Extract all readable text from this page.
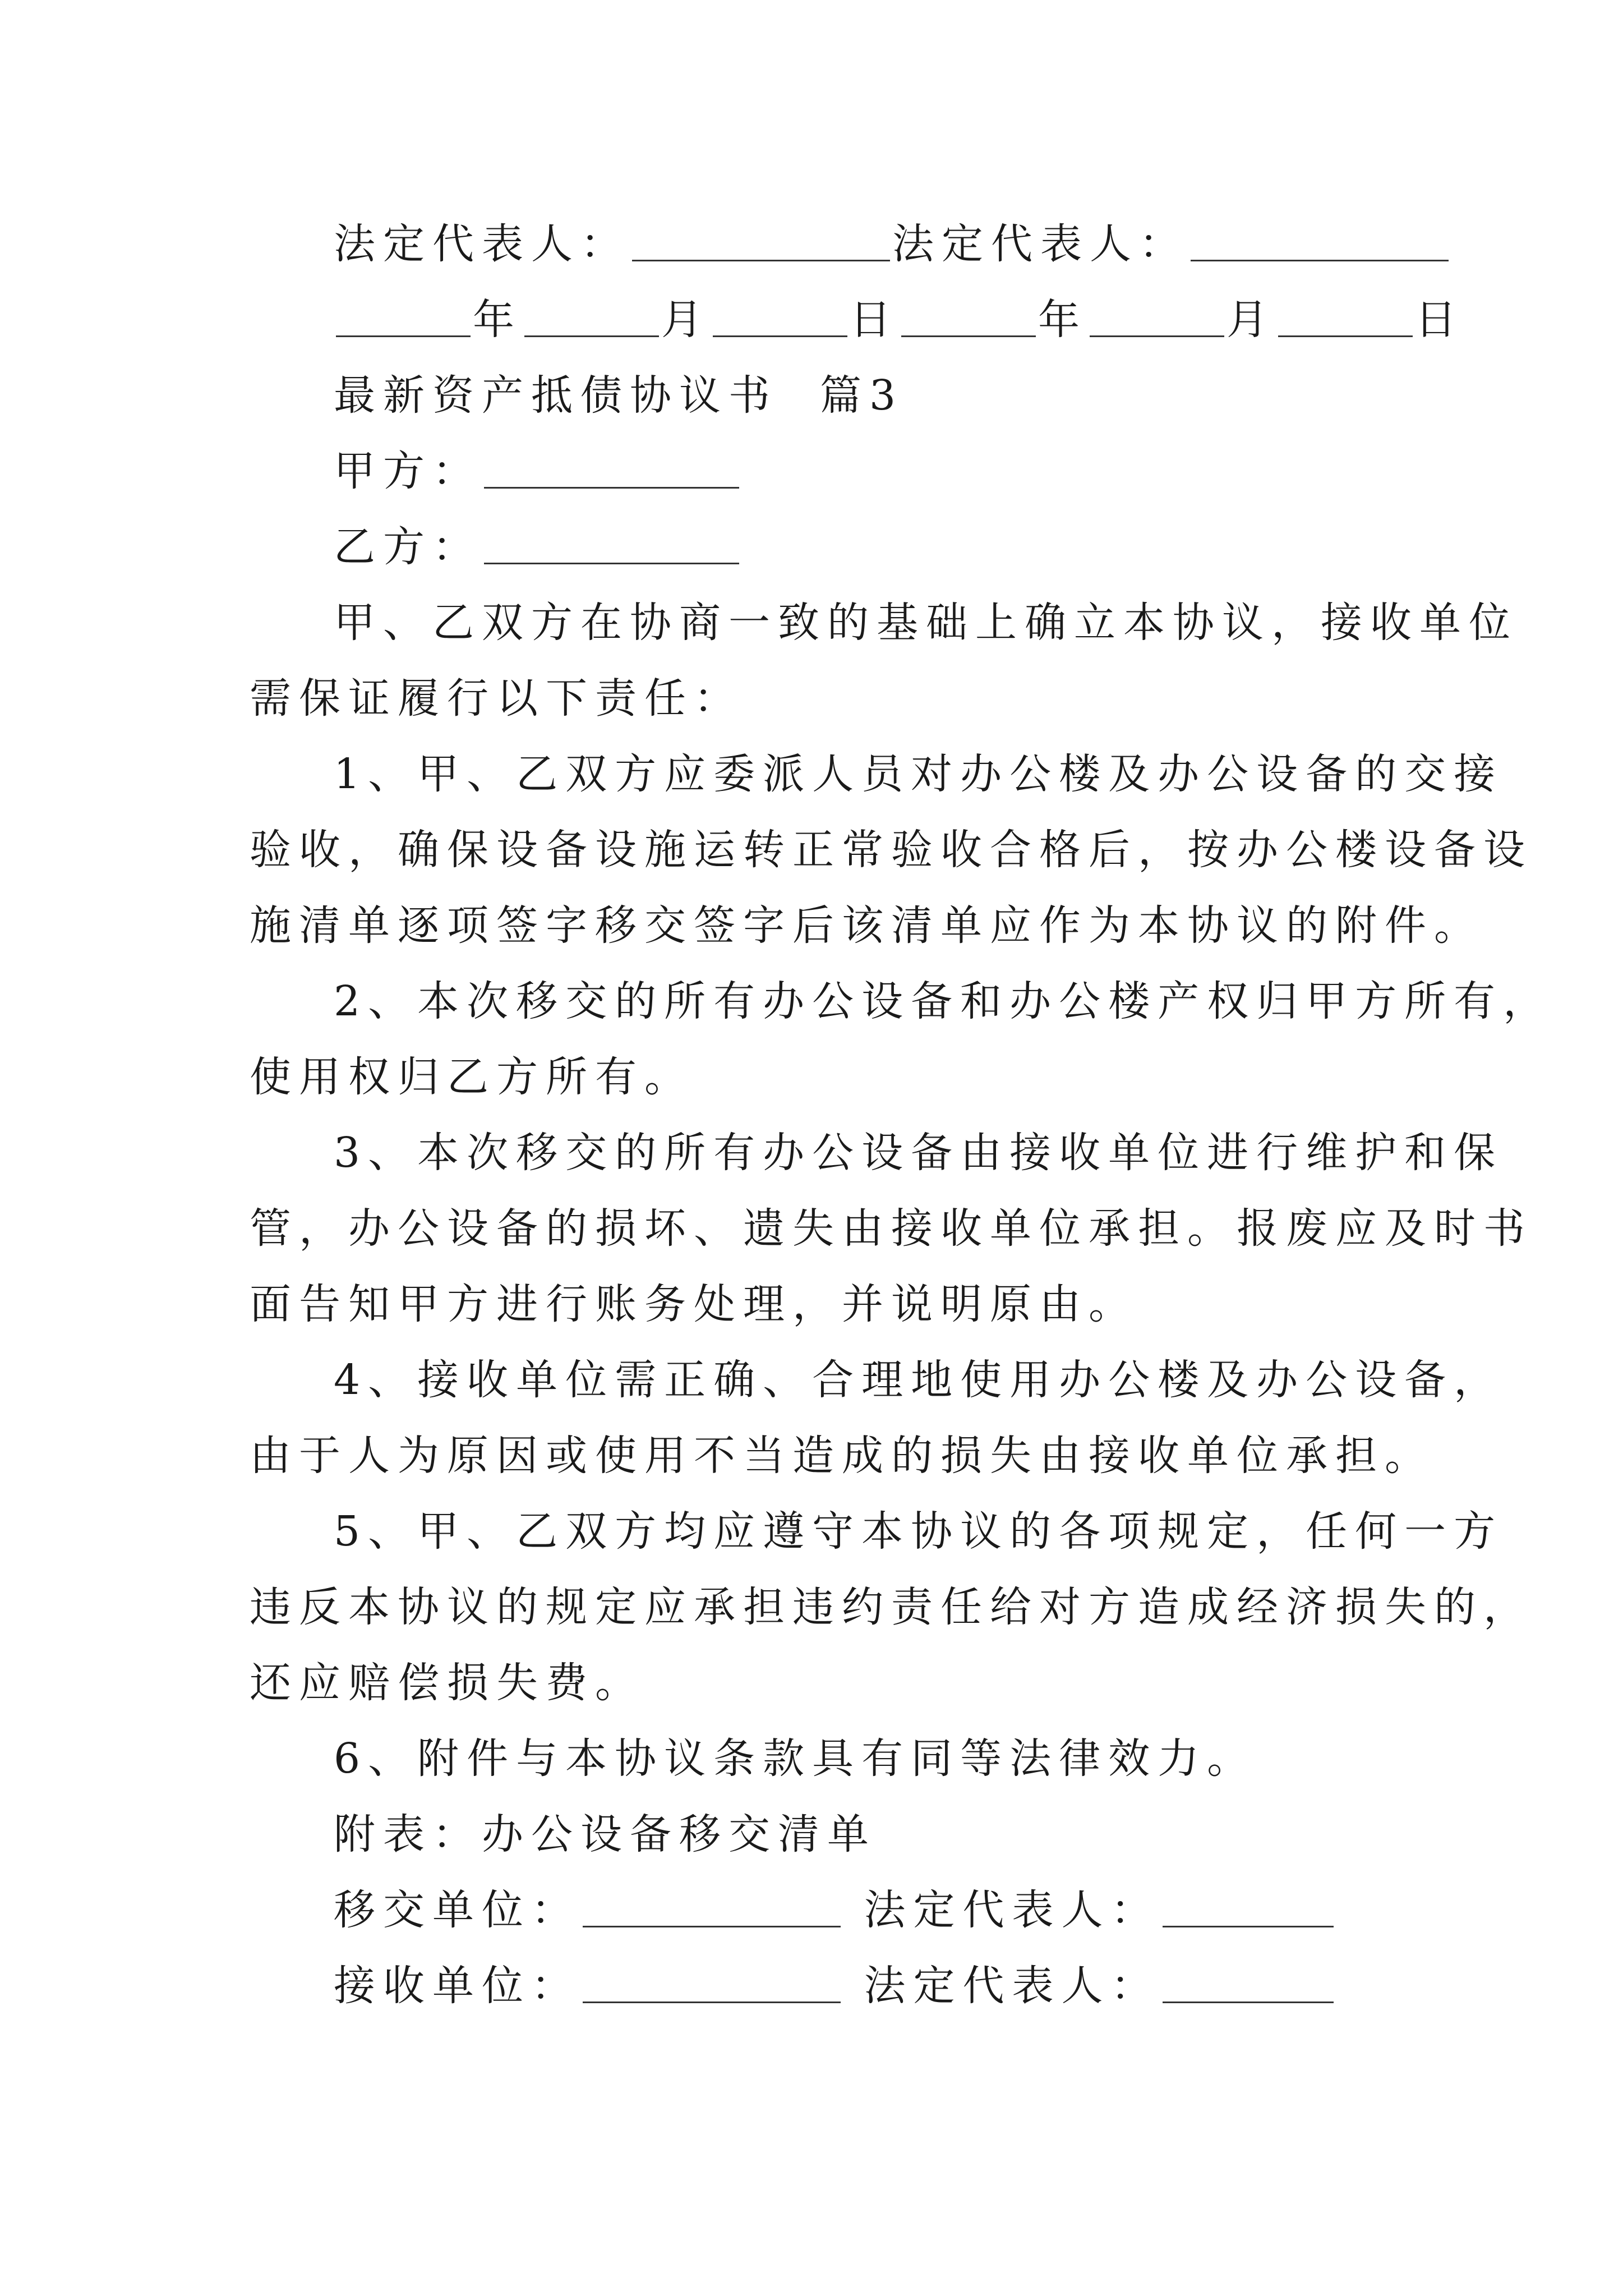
法定代表人：	法定代表人：
年	月	日	年	月	日
最新资产抵债协议书 篇3
甲方：
乙方：
甲、乙双方在协商一致的基础上确立本协议，接收单位
需保证履行以下责任：
1、甲、乙双方应委派人员对办公楼及办公设备的交接
验收，确保设备设施运转正常验收合格后，按办公楼设备设
施清单逐项签字移交签字后该清单应作为本协议的附件。
2、本次移交的所有办公设备和办公楼产权归甲方所有，
使用权归乙方所有。
3、本次移交的所有办公设备由接收单位进行维护和保
管，办公设备的损坏、遗失由接收单位承担。报废应及时书
面告知甲方进行账务处理，并说明原由。
4、接收单位需正确、合理地使用办公楼及办公设备，
由于人为原因或使用不当造成的损失由接收单位承担。
5、甲、乙双方均应遵守本协议的各项规定，任何一方
违反本协议的规定应承担违约责任给对方造成经济损失的，
还应赔偿损失费。
6、附件与本协议条款具有同等法律效力。
附表：办公设备移交清单
移交单位：	法定代表人：
接收单位：	法定代表人：
